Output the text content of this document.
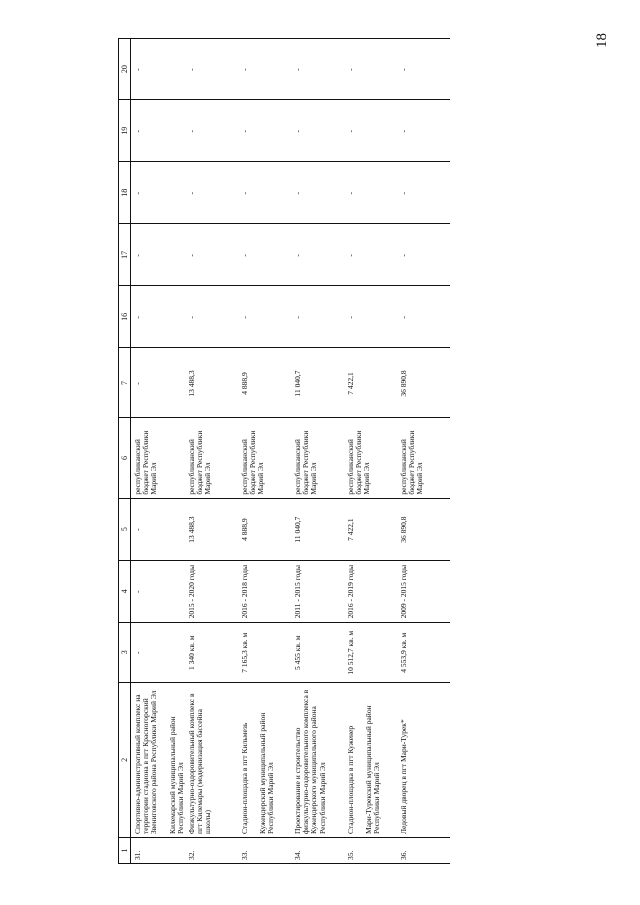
18
1	2	3	4	5	6	7	16	17	18	19	20
31.	Спортивно-административный комплекс на территории стадиона в пгт Красногорский Звениговского района Республики Марий Эл Килемарский муниципальный район Республики Марий Эл	-	-	-	республиканский бюджет Республики Марий Эл	-	-	-	-	-	-
32.	Физкультурно-оздоровительный комплекс в пгт Килемары (модернизация бассейна школы)	1 340 кв. м	2015 - 2020 годы	13 488,3	республиканский бюджет Республики Марий Эл	13 488,3	-	-	-	-	-
33.	Стадион-площадка в пгт Кильмезь Кужендерский муниципальный район Республики Марий Эл	7 165,3 кв. м	2016 - 2018 годы	4 888,9	республиканский бюджет Республики Марий Эл	4 888,9	-	-	-	-	-
34.	Проектирование и строительство физкультурно-оздоровительного комплекса в Кужендерского муниципального района Республики Марий Эл	5 455 кв. м	2011 - 2015 годы	11 040,7	республиканский бюджет Республики Марий Эл	11 040,7	-	-	-	-	-
35.	Стадион-площадка в пгт Куженер Мари-Турекский муниципальный район Республики Марий Эл	10 512,7 кв. м	2016 - 2019 годы	7 422,1	республиканский бюджет Республики Марий Эл	7 422,1	-	-	-	-	-
36.	Ледовый дворец в пгт Мари-Турек*	4 553,9 кв. м	2009 - 2015 годы	36 890,8	республиканский бюджет Республики Марий Эл	36 890,8	-	-	-	-	-
